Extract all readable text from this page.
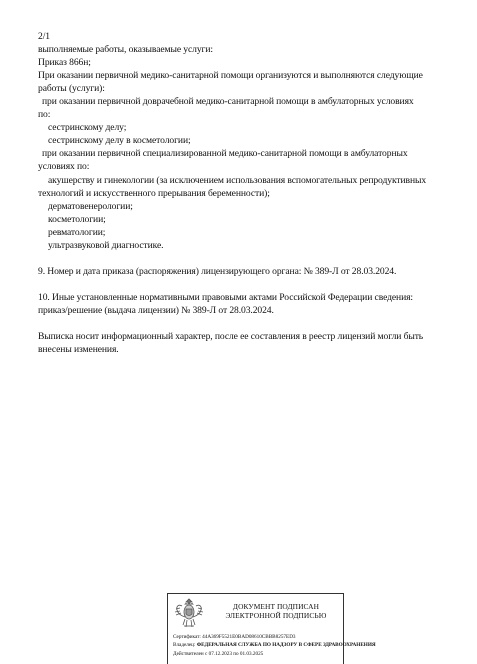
2/1
выполняемые работы, оказываемые услуги:
Приказ 866н;
При оказании первичной медико-санитарной помощи организуются и выполняются следующие
работы (услуги):
при оказании первичной доврачебной медико-санитарной помощи в амбулаторных условиях
по:
сестринскому делу;
сестринскому делу в косметологии;
при оказании первичной специализированной медико-санитарной помощи в амбулаторных
условиях по:
акушерству и гинекологии (за исключением использования вспомогательных репродуктивных
технологий и искусственного прерывания беременности);
дерматовенерологии;
косметологии;
ревматологии;
ультразвуковой диагностике.
9. Номер и дата приказа (распоряжения) лицензирующего органа: № 389-Л от 28.03.2024.
10. Иные установленные нормативными правовыми актами Российской Федерации сведения:
приказ/решение (выдача лицензии) № 389-Л от 28.03.2024.
Выписка носит информационный характер, после ее составления в реестр лицензий могли быть
внесены изменения.
ДОКУМЕНТ ПОДПИСАН
ЭЛЕКТРОННОЙ ПОДПИСЬЮ
Сертификат: 44A369F5521E0BAD08610CBBB8257ED3
Владелец: ФЕДЕРАЛЬНАЯ СЛУЖБА ПО НАДЗОРУ В СФЕРЕ ЗДРАВООХРАНЕНИЯ
Действителен с 07.12.2023 по 01.03.2025
